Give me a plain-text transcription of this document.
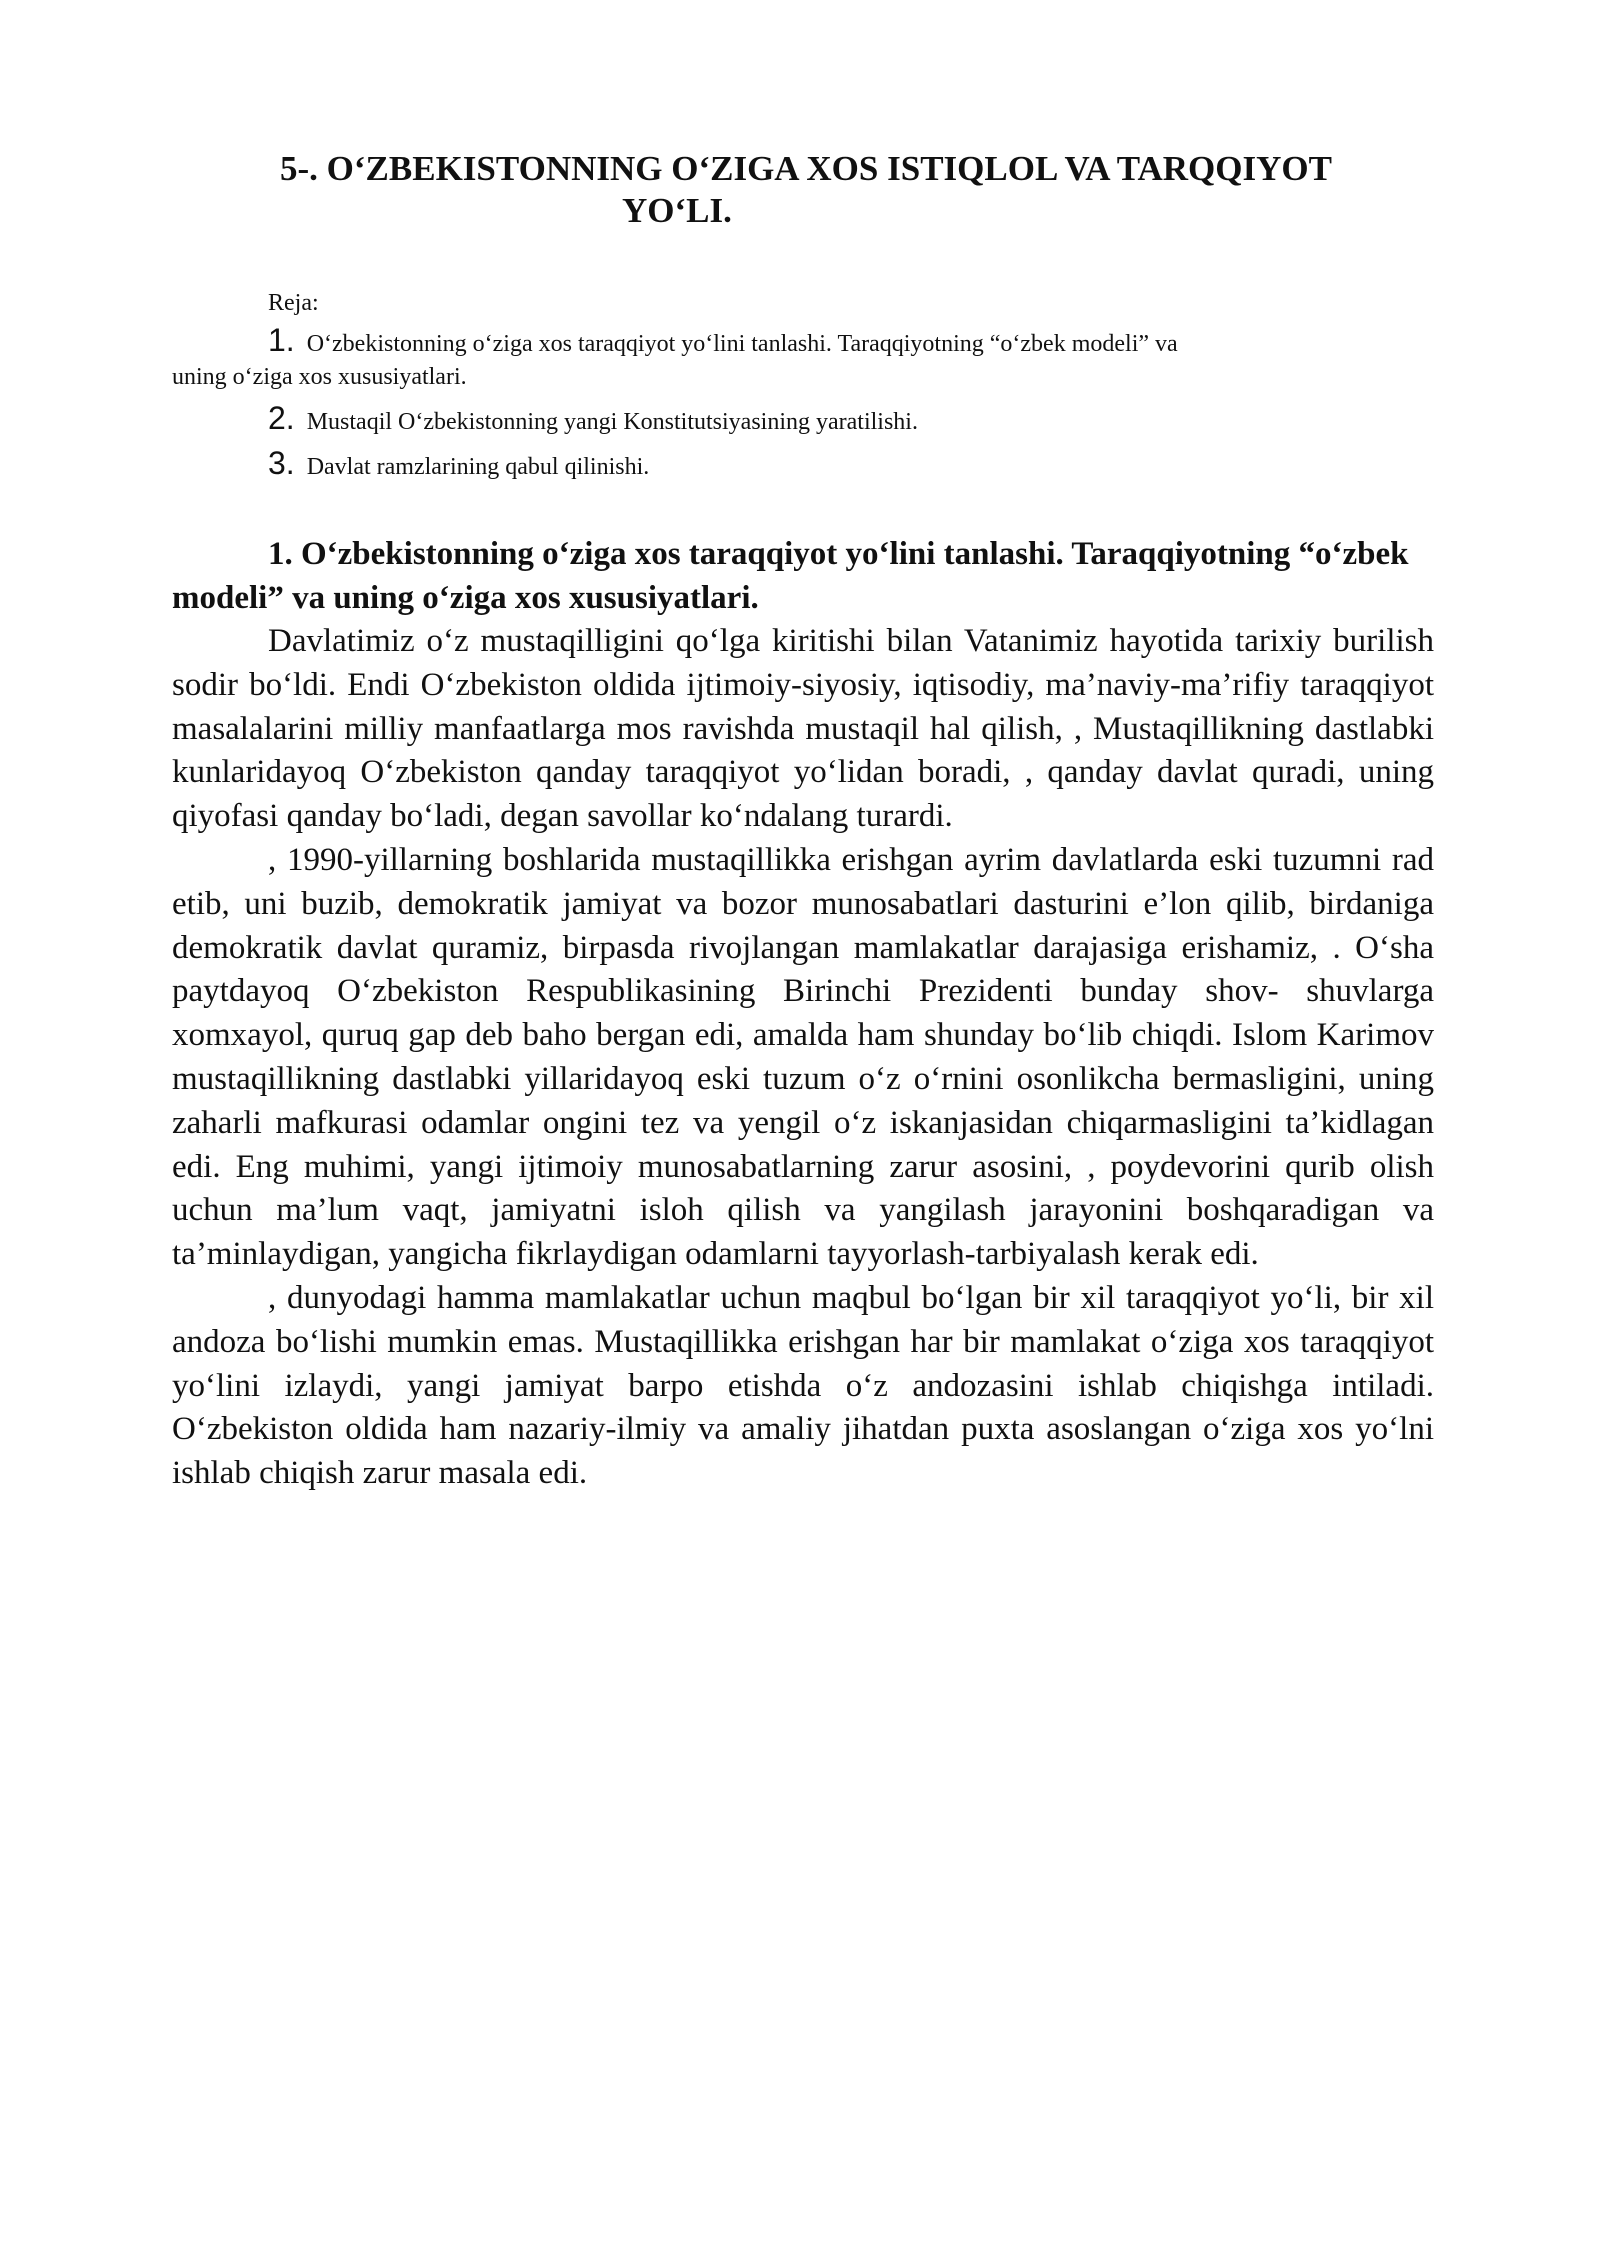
5-. O‘ZBEKISTONNING O‘ZIGA XOS ISTIQLOL VA TARQQIYOT
YO‘LI.

Reja:

1. O‘zbekistonning o‘ziga xos taraqqiyot yo‘lini tanlashi. Taraqqiyotning “o‘zbek modeli” va
uning o‘ziga xos xususiyatlari.

2. Mustaqil O‘zbekistonning yangi Konstitutsiyasining yaratilishi.

3. Davlat ramzlarining qabul qilinishi.

1. O‘zbekistonning o‘ziga xos taraqqiyot yo‘lini tanlashi. Taraqqiyotning “o‘zbek modeli” va uning o‘ziga xos xususiyatlari.

Davlatimiz o‘z mustaqilligini qo‘lga kiritishi bilan Vatanimiz hayotida tarixiy burilish sodir bo‘ldi. Endi O‘zbekiston oldida ijtimoiy-siyosiy, iqtisodiy, ma’naviy-ma’rifiy taraqqiyot masalalarini milliy manfaatlarga mos ravishda mustaqil hal qilish, , Mustaqillikning dastlabki kunlaridayoq O‘zbekiston qanday taraqqiyot yo‘lidan boradi, , qanday davlat quradi, uning qiyofasi qanday bo‘ladi, degan savollar ko‘ndalang turardi.

, 1990-yillarning boshlarida mustaqillikka erishgan ayrim davlatlarda eski tuzumni rad etib, uni buzib, demokratik jamiyat va bozor munosabatlari dasturini e’lon qilib, birdaniga demokratik davlat quramiz, birpasda rivojlangan mamlakatlar darajasiga erishamiz, . O‘sha paytdayoq O‘zbekiston Respublikasining Birinchi Prezidenti bunday shov- shuvlarga xomxayol, quruq gap deb baho bergan edi, amalda ham shunday bo‘lib chiqdi. Islom Karimov mustaqillikning dastlabki yillaridayoq eski tuzum o‘z o‘rnini osonlikcha bermasligini, uning zaharli mafkurasi odamlar ongini tez va yengil o‘z iskanjasidan chiqarmasligini ta’kidlagan edi. Eng muhimi, yangi ijtimoiy munosabatlarning zarur asosini, , poydevorini qurib olish uchun ma’lum vaqt, jamiyatni isloh qilish va yangilash jarayonini boshqaradigan va ta’minlaydigan, yangicha fikrlaydigan odamlarni tayyorlash-tarbiyalash kerak edi.

, dunyodagi hamma mamlakatlar uchun maqbul bo‘lgan bir xil taraqqiyot yo‘li, bir xil andoza bo‘lishi mumkin emas. Mustaqillikka erishgan har bir mamlakat o‘ziga xos taraqqiyot yo‘lini izlaydi, yangi jamiyat barpo etishda o‘z andozasini ishlab chiqishga intiladi. O‘zbekiston oldida ham nazariy-ilmiy va amaliy jihatdan puxta asoslangan o‘ziga xos yo‘lni ishlab chiqish zarur masala edi.
